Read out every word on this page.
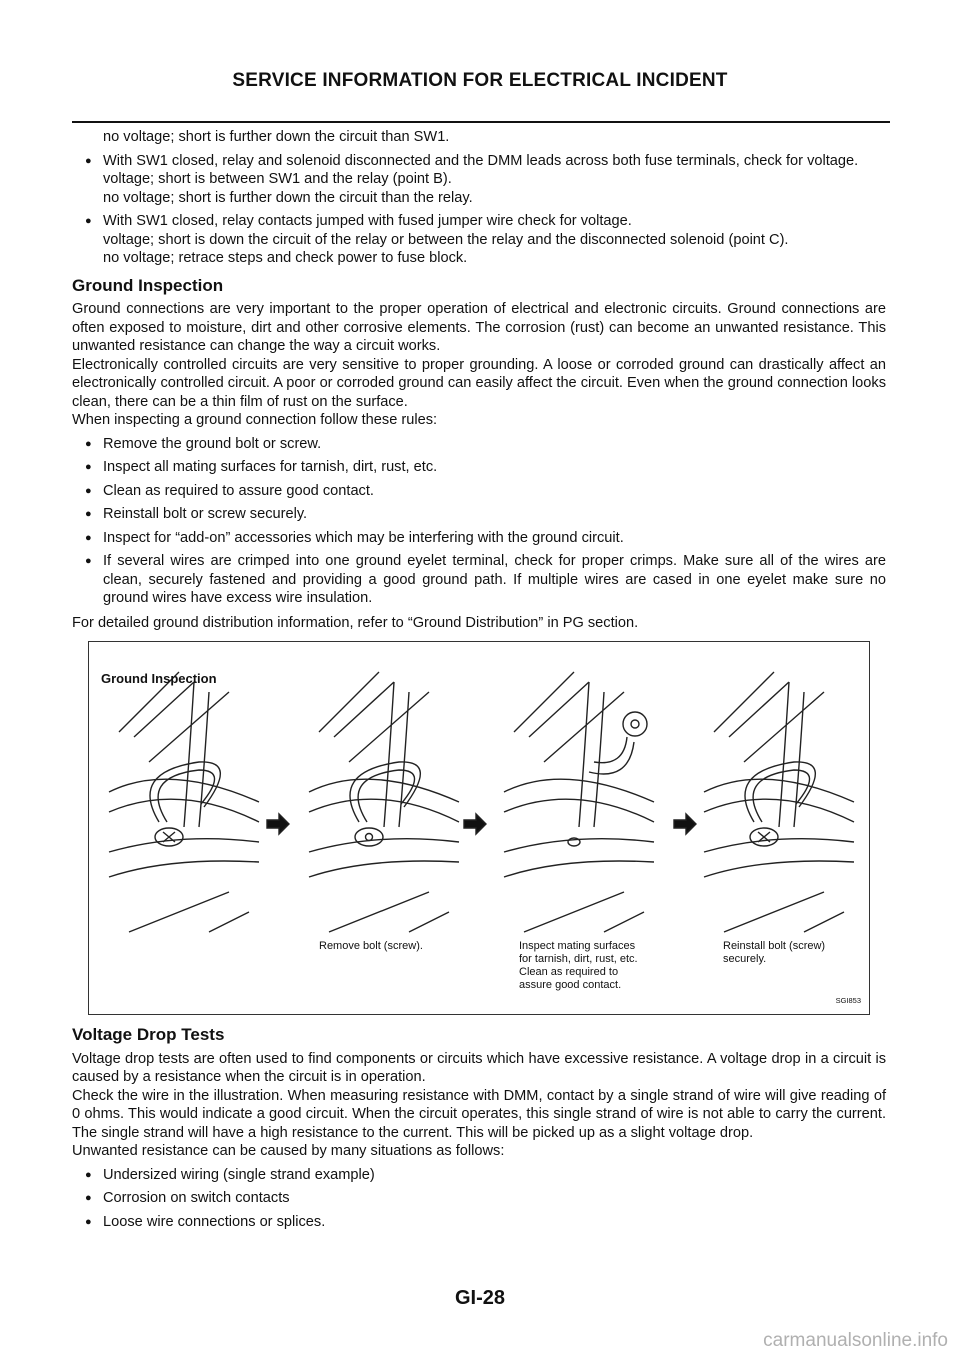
SERVICE INFORMATION FOR ELECTRICAL INCIDENT

no voltage; short is further down the circuit than SW1.

● With SW1 closed, relay and solenoid disconnected and the DMM leads across both fuse terminals, check for voltage.
voltage; short is between SW1 and the relay (point B).
no voltage; short is further down the circuit than the relay.
● With SW1 closed, relay contacts jumped with fused jumper wire check for voltage.
voltage; short is down the circuit of the relay or between the relay and the disconnected solenoid (point C).
no voltage; retrace steps and check power to fuse block.
Ground Inspection

Ground connections are very important to the proper operation of electrical and electronic circuits. Ground connections are often exposed to moisture, dirt and other corrosive elements. The corrosion (rust) can become an unwanted resistance. This unwanted resistance can change the way a circuit works.

Electronically controlled circuits are very sensitive to proper grounding. A loose or corroded ground can drastically affect an electronically controlled circuit. A poor or corroded ground can easily affect the circuit. Even when the ground connection looks clean, there can be a thin film of rust on the surface.

When inspecting a ground connection follow these rules:

● Remove the ground bolt or screw.
● Inspect all mating surfaces for tarnish, dirt, rust, etc.
● Clean as required to assure good contact.
● Reinstall bolt or screw securely.
● Inspect for “add-on” accessories which may be interfering with the ground circuit.
● If several wires are crimped into one ground eyelet terminal, check for proper crimps. Make sure all of the wires are clean, securely fastened and providing a good ground path. If multiple wires are cased in one eyelet make sure no ground wires have excess wire insulation.

For detailed ground distribution information, refer to “Ground Distribution” in PG section.

Ground Inspection
Remove bolt (screw).	Inspect mating surfaces
for tarnish, dirt, rust, etc.
Clean as required to
assure good contact.
Reinstall bolt (screw)
securely.
SGI853
Voltage Drop Tests

Voltage drop tests are often used to find components or circuits which have excessive resistance. A voltage drop in a circuit is caused by a resistance when the circuit is in operation.

Check the wire in the illustration. When measuring resistance with DMM, contact by a single strand of wire will give reading of 0 ohms. This would indicate a good circuit. When the circuit operates, this single strand of wire is not able to carry the current. The single strand will have a high resistance to the current. This will be picked up as a slight voltage drop.

Unwanted resistance can be caused by many situations as follows:

● Undersized wiring (single strand example)
● Corrosion on switch contacts
● Loose wire connections or splices.
GI-28
carmanualsonline.info
